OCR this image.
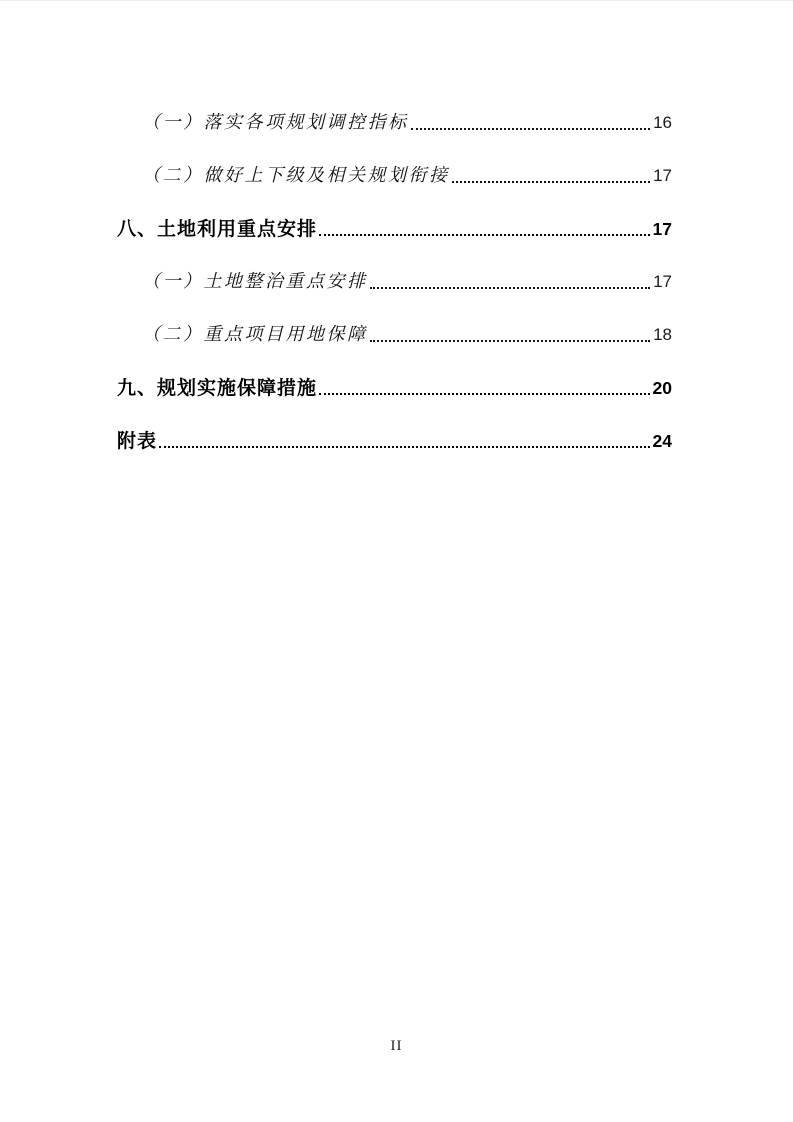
（一）落实各项规划调控指标	16
（二）做好上下级及相关规划衔接	17
八、土地利用重点安排	17
（一）土地整治重点安排	17
（二）重点项目用地保障	18
九、规划实施保障措施	20
附表	24
II
